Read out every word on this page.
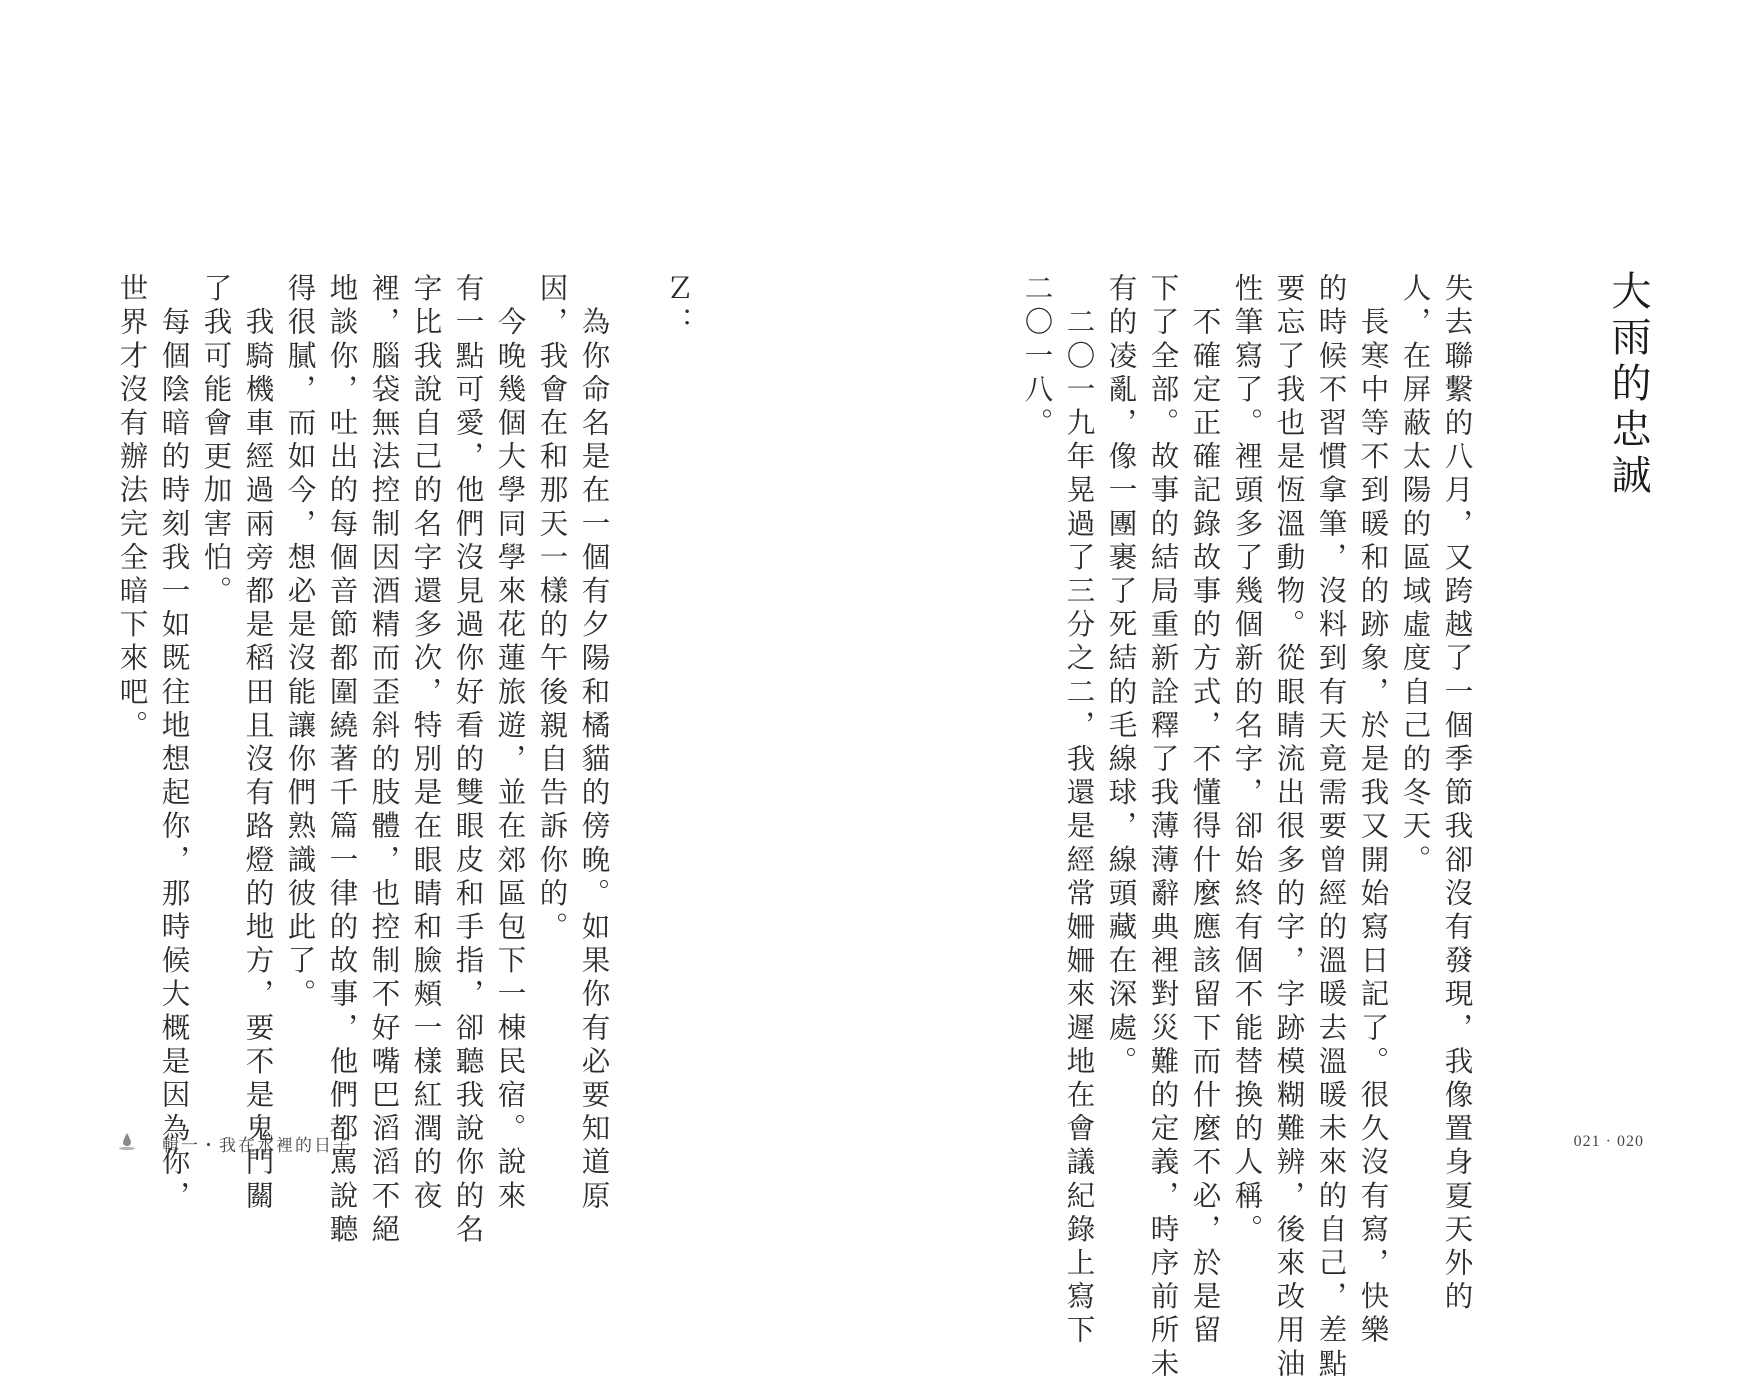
大雨的忠誠
失去聯繫的八月，又跨越了一個季節我卻沒有發現，我像置身夏天外的
人，在屏蔽太陽的區域虛度自己的冬天。
　長寒中等不到暖和的跡象，於是我又開始寫日記了。很久沒有寫，快樂
的時候不習慣拿筆，沒料到有天竟需要曾經的溫暖去溫暖未來的自己，差點
要忘了我也是恆溫動物。從眼睛流出很多的字，字跡模糊難辨，後來改用油
性筆寫了。裡頭多了幾個新的名字，卻始終有個不能替換的人稱。
　不確定正確記錄故事的方式，不懂得什麼應該留下而什麼不必，於是留
下了全部。故事的結局重新詮釋了我薄薄辭典裡對災難的定義，時序前所未
有的凌亂，像一團裹了死結的毛線球，線頭藏在深處。
　二〇一九年晃過了三分之二，我還是經常姍姍來遲地在會議紀錄上寫下
二〇一八。
Ｚ：
　為你命名是在一個有夕陽和橘貓的傍晚。如果你有必要知道原
因，我會在和那天一樣的午後親自告訴你的。
　今晚幾個大學同學來花蓮旅遊，並在郊區包下一棟民宿。說來
有一點可愛，他們沒見過你好看的雙眼皮和手指，卻聽我說你的名
字比我說自己的名字還多次，特別是在眼睛和臉頰一樣紅潤的夜
裡，腦袋無法控制因酒精而歪斜的肢體，也控制不好嘴巴滔滔不絕
地談你，吐出的每個音節都圍繞著千篇一律的故事，他們都罵說聽
得很膩，而如今，想必是沒能讓你們熟識彼此了。
　我騎機車經過兩旁都是稻田且沒有路燈的地方，要不是鬼門關
了我可能會更加害怕。
　每個陰暗的時刻我一如既往地想起你，那時候大概是因為你，
世界才沒有辦法完全暗下來吧。
輯一・我在水裡的日子	021 · 020
